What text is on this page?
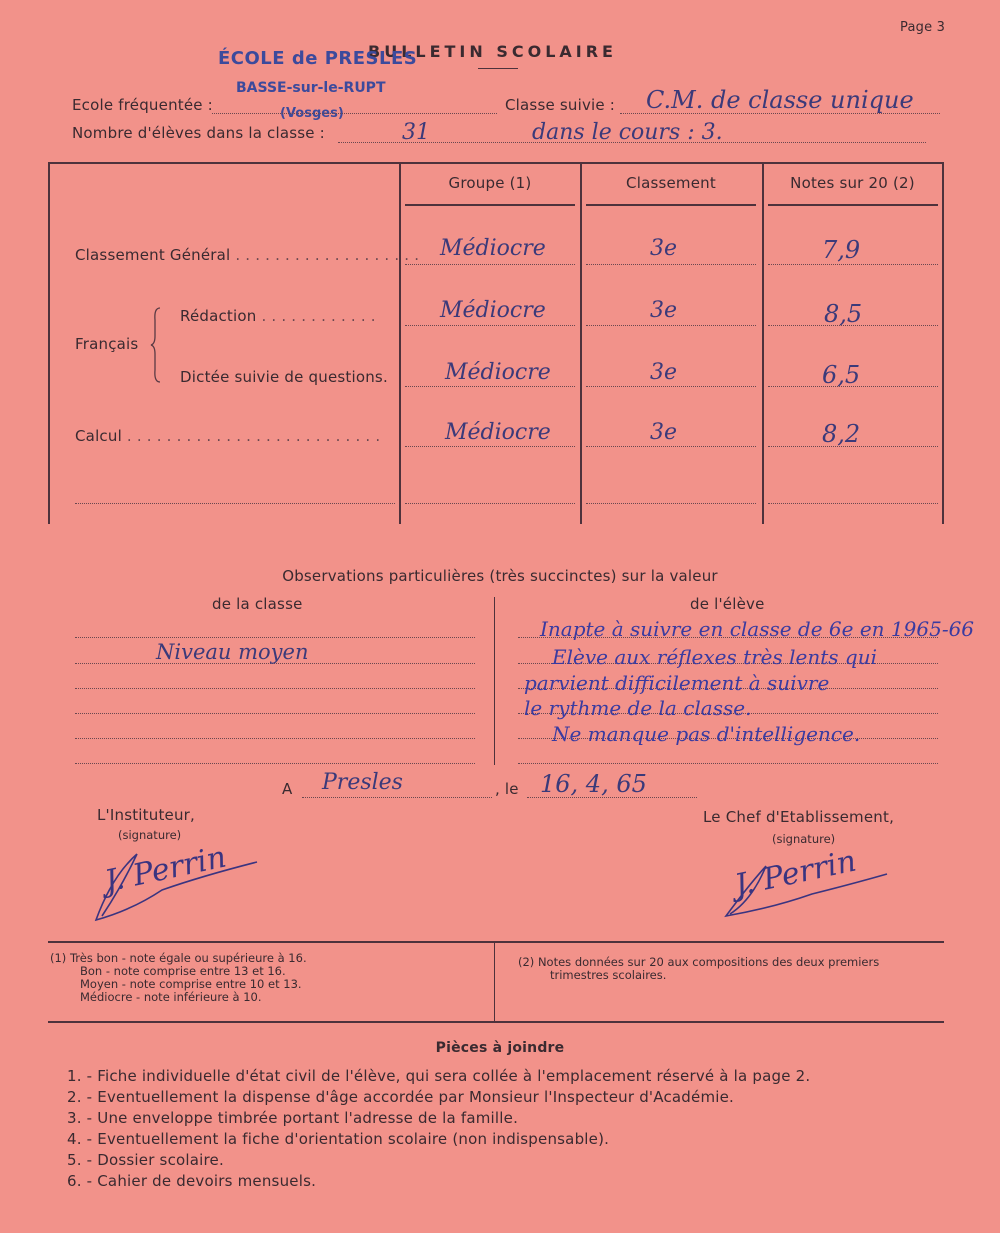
Page 3
BULLETIN SCOLAIRE
ÉCOLE de PRESLES
BASSE-sur-le-RUPT
(Vosges)
Ecole fréquentée :	Classe suivie : C.M. de classe unique
Nombre d'élèves dans la classe :	31	dans le cours : 3.
Groupe (1)	Classement	Notes sur 20 (2)
Classement Général . . . . . . . . . . . . . . . . . . . Médiocre	3e	7,9
Français
Rédaction . . . . . . . . . . . .	Médiocre	3e	8,5
Dictée suivie de questions.	Médiocre	3e	6,5
Calcul . . . . . . . . . . . . . . . . . . . . . . . . . .	Médiocre	3e	8,2
Observations particulières (très succinctes) sur la valeur
de la classe	de l'élève
Niveau moyen
Inapte à suivre en classe de 6e en 1965-66
Elève aux réflexes très lents qui
parvient difficilement à suivre
le rythme de la classe.
Ne manque pas d'intelligence.
A Presles	, le 16, 4, 65
L'Instituteur,
(signature)
J. Perrin
Le Chef d'Etablissement,
(signature)
J. Perrin
(1) Très bon - note égale ou supérieure à 16.
Bon - note comprise entre 13 et 16.
Moyen - note comprise entre 10 et 13.
Médiocre - note inférieure à 10.
(2) Notes données sur 20 aux compositions des deux premiers
trimestres scolaires.
Pièces à joindre
1. - Fiche individuelle d'état civil de l'élève, qui sera collée à l'emplacement réservé à la page 2.
2. - Eventuellement la dispense d'âge accordée par Monsieur l'Inspecteur d'Académie.
3. - Une enveloppe timbrée portant l'adresse de la famille.
4. - Eventuellement la fiche d'orientation scolaire (non indispensable).
5. - Dossier scolaire.
6. - Cahier de devoirs mensuels.
